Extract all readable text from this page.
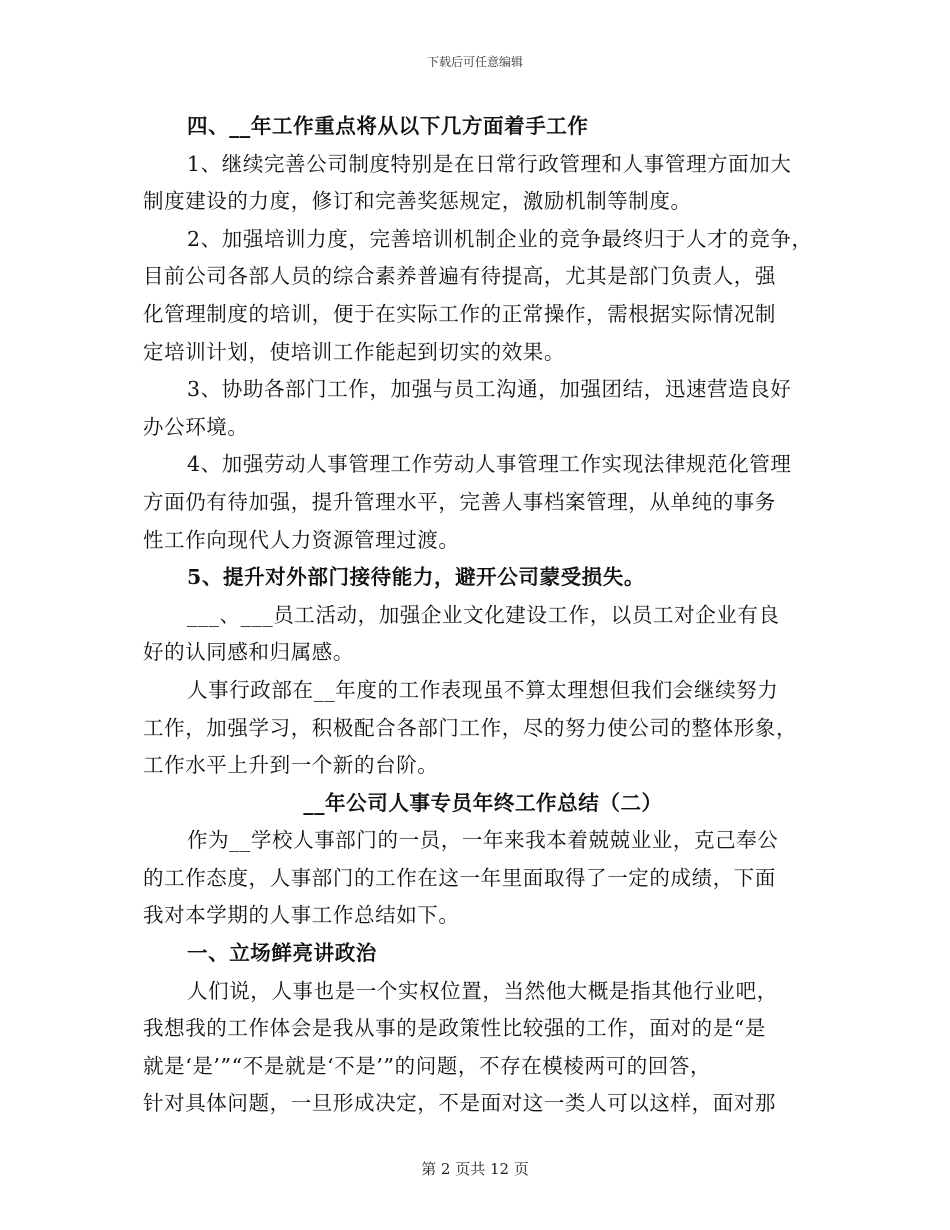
下载后可任意编辑
四、__年工作重点将从以下几方面着手工作
1、继续完善公司制度特别是在日常行政管理和人事管理方面加大
制度建设的力度，修订和完善奖惩规定，激励机制等制度。
2、加强培训力度，完善培训机制企业的竞争最终归于人才的竞争，
目前公司各部人员的综合素养普遍有待提高，尤其是部门负责人，强
化管理制度的培训，便于在实际工作的正常操作，需根据实际情况制
定培训计划，使培训工作能起到切实的效果。
3、协助各部门工作，加强与员工沟通，加强团结，迅速营造良好
办公环境。
4、加强劳动人事管理工作劳动人事管理工作实现法律规范化管理
方面仍有待加强，提升管理水平，完善人事档案管理，从单纯的事务
性工作向现代人力资源管理过渡。
5、提升对外部门接待能力，避开公司蒙受损失。
___、___员工活动，加强企业文化建设工作，以员工对企业有良
好的认同感和归属感。
人事行政部在__年度的工作表现虽不算太理想但我们会继续努力
工作，加强学习，积极配合各部门工作，尽的努力使公司的整体形象，
工作水平上升到一个新的台阶。
__年公司人事专员年终工作总结（二）
作为__学校人事部门的一员，一年来我本着兢兢业业，克己奉公
的工作态度，人事部门的工作在这一年里面取得了一定的成绩，下面
我对本学期的人事工作总结如下。
一、立场鲜亮讲政治
人们说，人事也是一个实权位置，当然他大概是指其他行业吧，
我想我的工作体会是我从事的是政策性比较强的工作，面对的是“是
就是‘是’”“不是就是‘不是’”的问题，不存在模棱两可的回答，
针对具体问题，一旦形成决定，不是面对这一类人可以这样，面对那
第 2 页共 12 页
